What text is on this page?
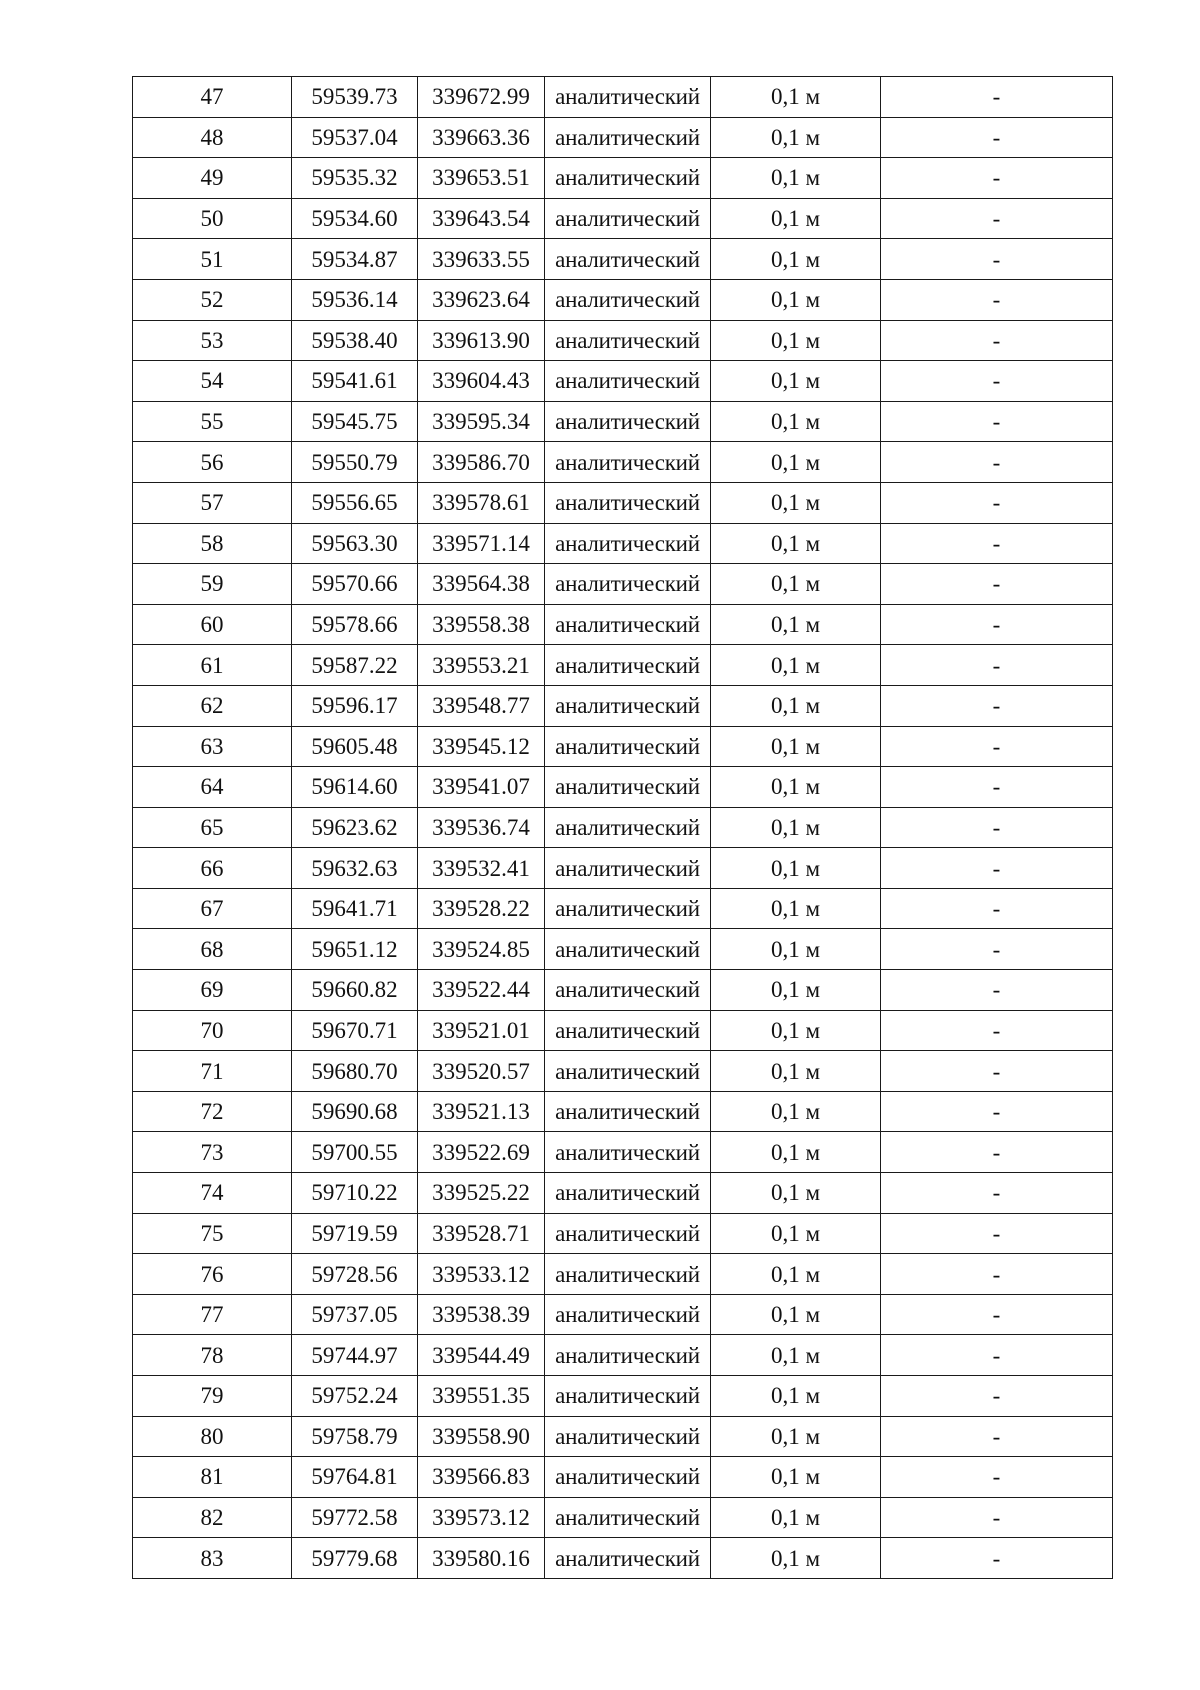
47	59539.73	339672.99	аналитический	0,1 м	-
48	59537.04	339663.36	аналитический	0,1 м	-
49	59535.32	339653.51	аналитический	0,1 м	-
50	59534.60	339643.54	аналитический	0,1 м	-
51	59534.87	339633.55	аналитический	0,1 м	-
52	59536.14	339623.64	аналитический	0,1 м	-
53	59538.40	339613.90	аналитический	0,1 м	-
54	59541.61	339604.43	аналитический	0,1 м	-
55	59545.75	339595.34	аналитический	0,1 м	-
56	59550.79	339586.70	аналитический	0,1 м	-
57	59556.65	339578.61	аналитический	0,1 м	-
58	59563.30	339571.14	аналитический	0,1 м	-
59	59570.66	339564.38	аналитический	0,1 м	-
60	59578.66	339558.38	аналитический	0,1 м	-
61	59587.22	339553.21	аналитический	0,1 м	-
62	59596.17	339548.77	аналитический	0,1 м	-
63	59605.48	339545.12	аналитический	0,1 м	-
64	59614.60	339541.07	аналитический	0,1 м	-
65	59623.62	339536.74	аналитический	0,1 м	-
66	59632.63	339532.41	аналитический	0,1 м	-
67	59641.71	339528.22	аналитический	0,1 м	-
68	59651.12	339524.85	аналитический	0,1 м	-
69	59660.82	339522.44	аналитический	0,1 м	-
70	59670.71	339521.01	аналитический	0,1 м	-
71	59680.70	339520.57	аналитический	0,1 м	-
72	59690.68	339521.13	аналитический	0,1 м	-
73	59700.55	339522.69	аналитический	0,1 м	-
74	59710.22	339525.22	аналитический	0,1 м	-
75	59719.59	339528.71	аналитический	0,1 м	-
76	59728.56	339533.12	аналитический	0,1 м	-
77	59737.05	339538.39	аналитический	0,1 м	-
78	59744.97	339544.49	аналитический	0,1 м	-
79	59752.24	339551.35	аналитический	0,1 м	-
80	59758.79	339558.90	аналитический	0,1 м	-
81	59764.81	339566.83	аналитический	0,1 м	-
82	59772.58	339573.12	аналитический	0,1 м	-
83	59779.68	339580.16	аналитический	0,1 м	-
